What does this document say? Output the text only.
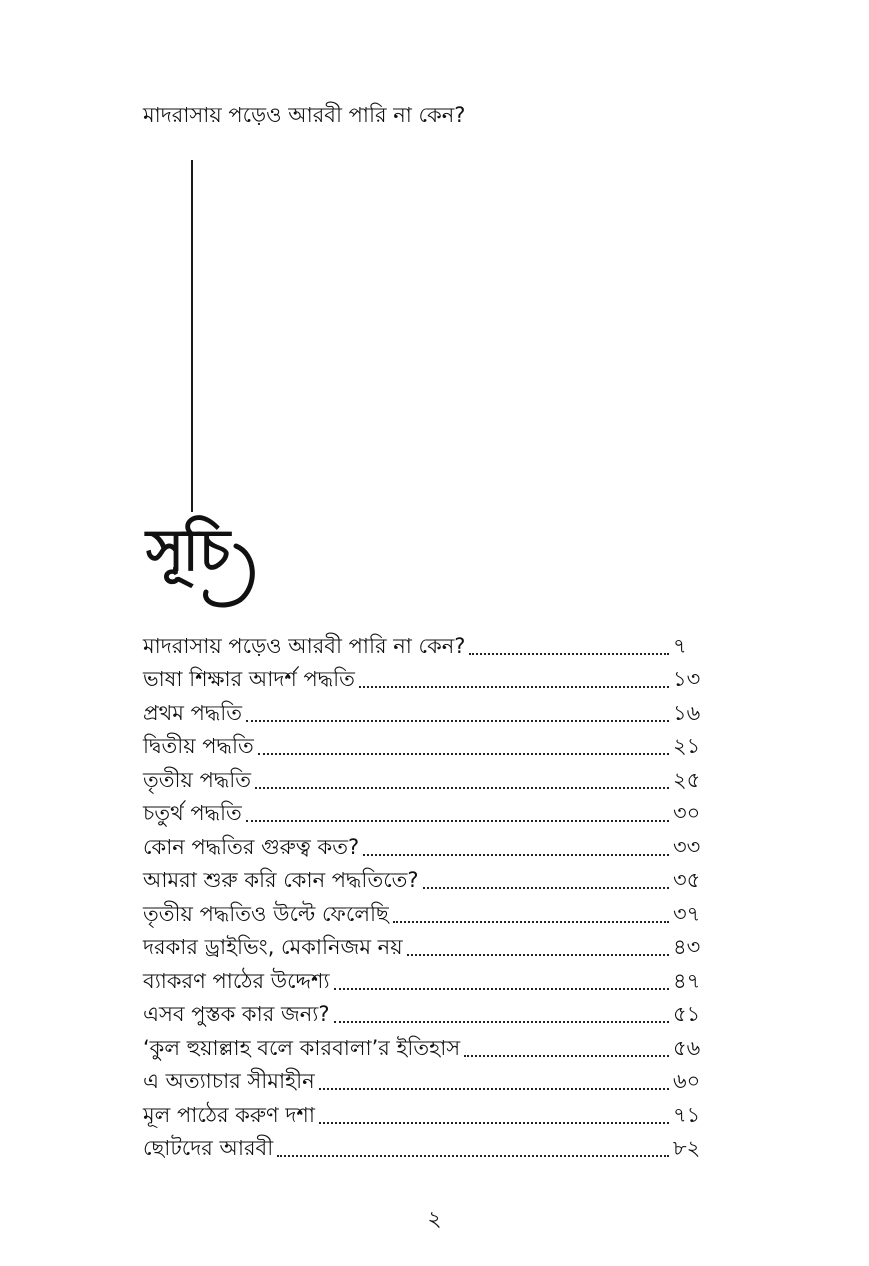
মাদরাসায় পড়েও আরবী পারি না কেন?
সূচি
মাদরাসায় পড়েও আরবী পারি না কেন?	৭
ভাষা শিক্ষার আদর্শ পদ্ধতি	১৩
প্রথম পদ্ধতি	১৬
দ্বিতীয় পদ্ধতি	২১
তৃতীয় পদ্ধতি	২৫
চতুর্থ পদ্ধতি	৩০
কোন পদ্ধতির গুরুত্ব কত?	৩৩
আমরা শুরু করি কোন পদ্ধতিতে?	৩৫
তৃতীয় পদ্ধতিও উল্টে ফেলেছি	৩৭
দরকার ড্রাইভিং, মেকানিজম নয়	৪৩
ব্যাকরণ পাঠের উদ্দেশ্য	৪৭
এসব পুস্তক কার জন্য?	৫১
‘কুল হুয়াল্লাহ বলে কারবালা’র ইতিহাস	৫৬
এ অত্যাচার সীমাহীন	৬০
মূল পাঠের করুণ দশা	৭১
ছোটদের আরবী	৮২
২
